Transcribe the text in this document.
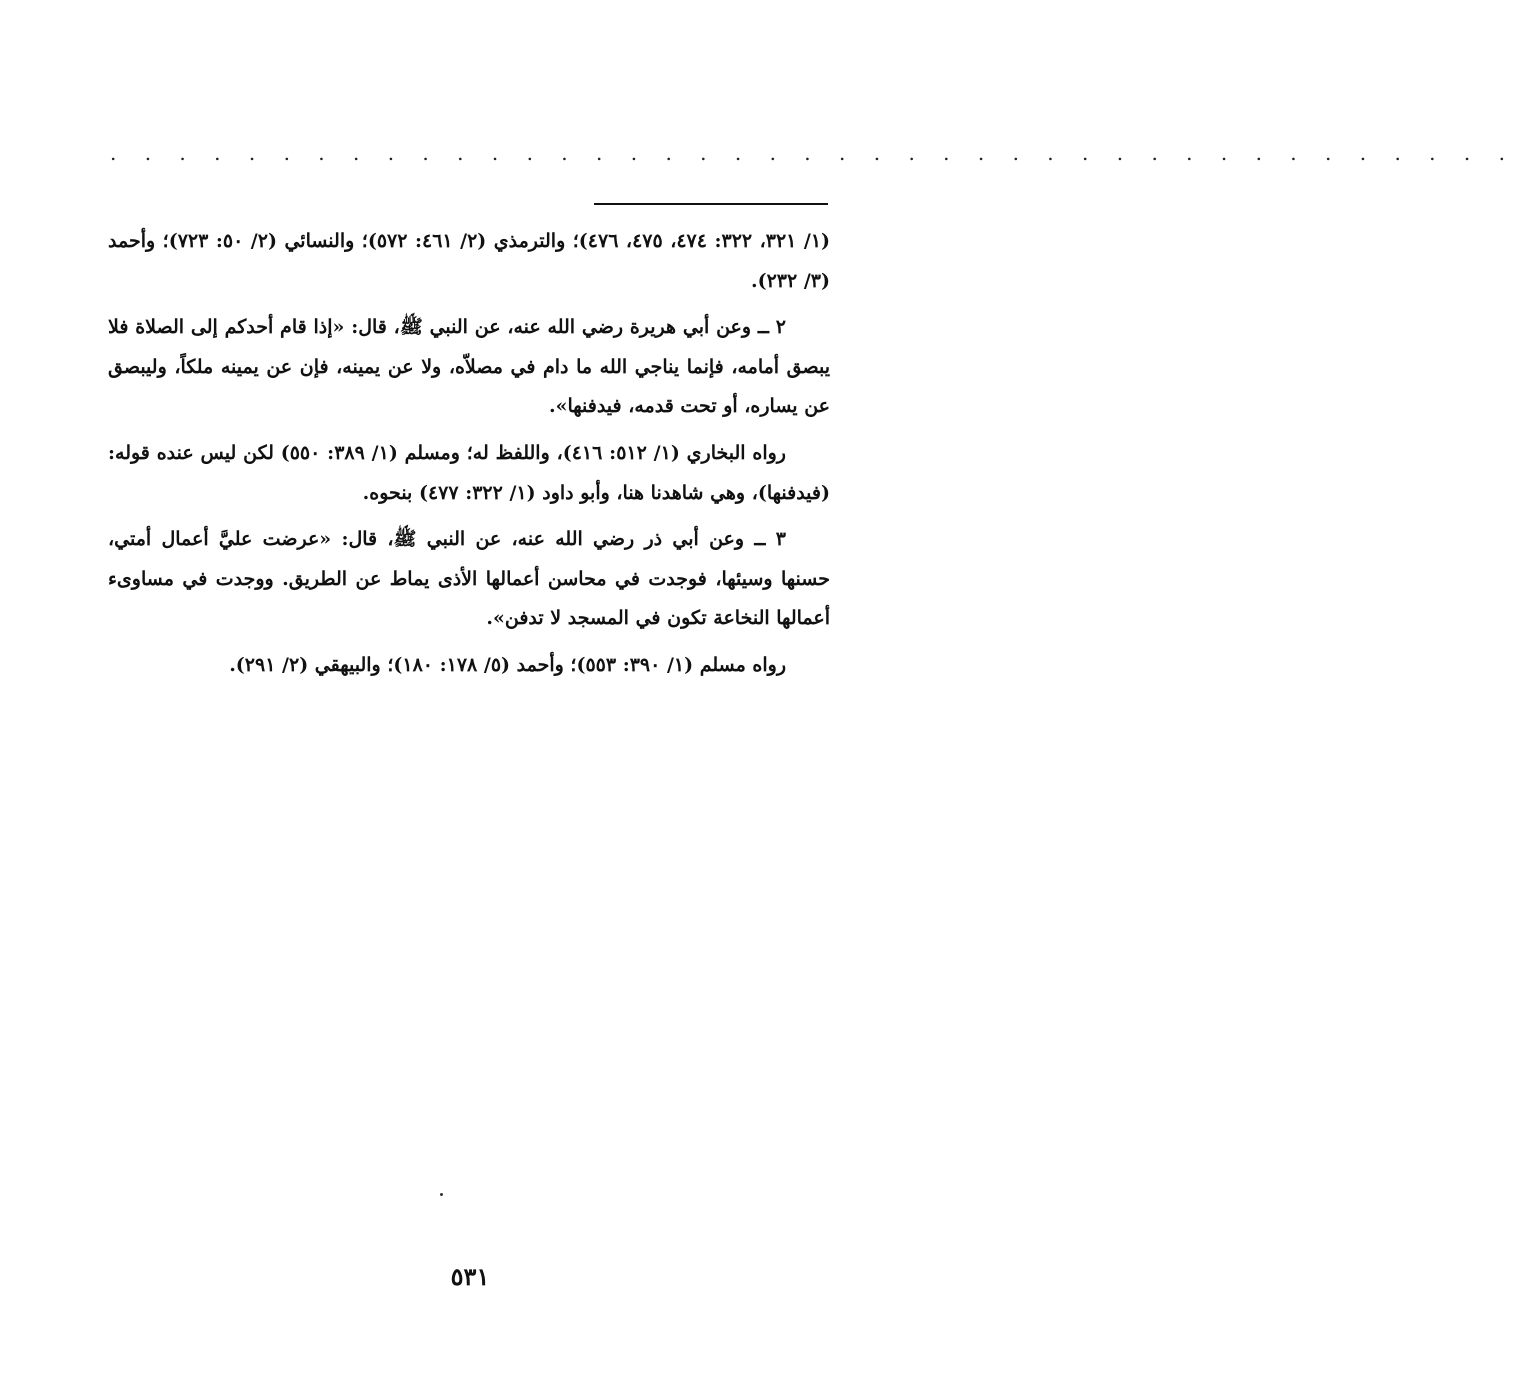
. . . . . . . . . . . . . . . . . . . . . . . . . . . . . . . . . . . . . . . . .

(١/ ٣٢١، ٣٢٢: ٤٧٤، ٤٧٥، ٤٧٦)؛ والترمذي (٢/ ٤٦١: ٥٧٢)؛ والنسائي (٢/ ٥٠: ٧٢٣)؛ وأحمد (٣/ ٢٣٢).

٢ ــ وعن أبي هريرة رضي الله عنه، عن النبي ﷺ، قال: «إذا قام أحدكم إلى الصلاة فلا يبصق أمامه، فإنما يناجي الله ما دام في مصلاّه، ولا عن يمينه، فإن عن يمينه ملكاً، وليبصق عن يساره، أو تحت قدمه، فيدفنها».

رواه البخاري (١/ ٥١٢: ٤١٦)، واللفظ له؛ ومسلم (١/ ٣٨٩: ٥٥٠) لكن ليس عنده قوله: (فيدفنها)، وهي شاهدنا هنا، وأبو داود (١/ ٣٢٢: ٤٧٧) بنحوه.

٣ ــ وعن أبي ذر رضي الله عنه، عن النبي ﷺ، قال: «عرضت عليَّ أعمال أمتي، حسنها وسيئها، فوجدت في محاسن أعمالها الأذى يماط عن الطريق. ووجدت في مساوىء أعمالها النخاعة تكون في المسجد لا تدفن».

رواه مسلم (١/ ٣٩٠: ٥٥٣)؛ وأحمد (٥/ ١٧٨: ١٨٠)؛ والبيهقي (٢/ ٢٩١).

٥٣١
